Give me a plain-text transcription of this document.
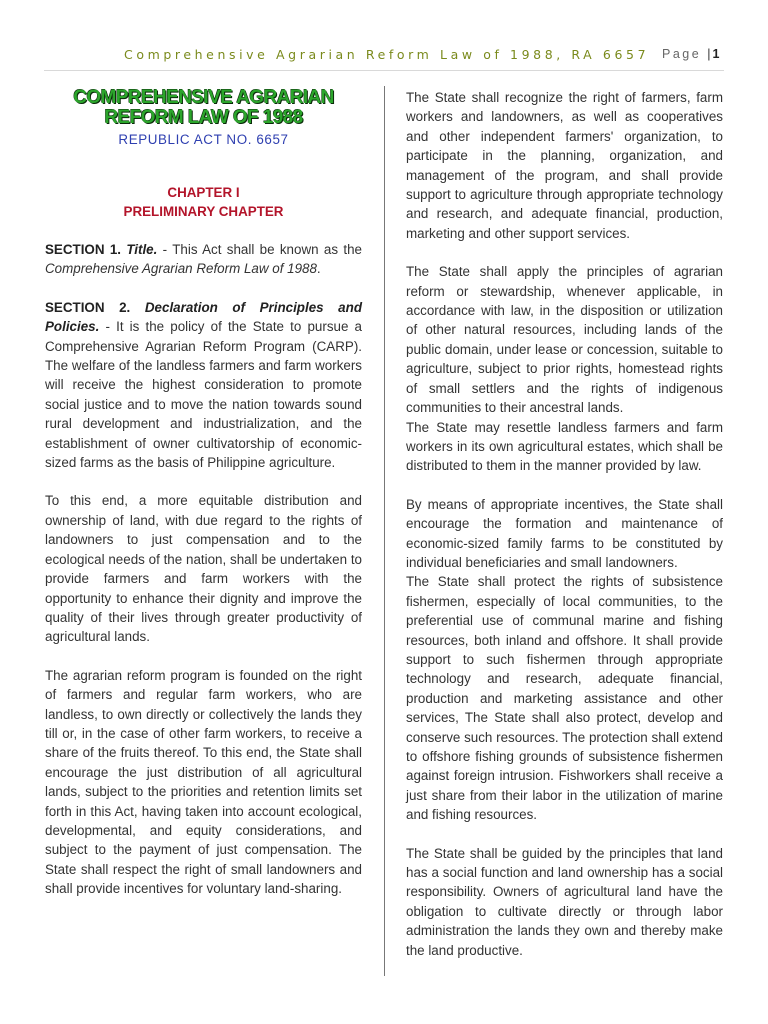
Comprehensive Agrarian Reform Law of 1988, RA 6657 Page | 1
COMPREHENSIVE AGRARIAN
REFORM LAW OF 1988
REPUBLIC ACT NO. 6657
CHAPTER I
PRELIMINARY CHAPTER

SECTION 1. Title. - This Act shall be known as the Comprehensive Agrarian Reform Law of 1988.

SECTION 2. Declaration of Principles and Policies. - It is the policy of the State to pursue a Comprehensive Agrarian Reform Program (CARP). The welfare of the landless farmers and farm workers will receive the highest consideration to promote social justice and to move the nation towards sound rural development and industrialization, and the establishment of owner cultivatorship of economic-sized farms as the basis of Philippine agriculture.

To this end, a more equitable distribution and ownership of land, with due regard to the rights of landowners to just compensation and to the ecological needs of the nation, shall be undertaken to provide farmers and farm workers with the opportunity to enhance their dignity and improve the quality of their lives through greater productivity of agricultural lands.

The agrarian reform program is founded on the right of farmers and regular farm workers, who are landless, to own directly or collectively the lands they till or, in the case of other farm workers, to receive a share of the fruits thereof. To this end, the State shall encourage the just distribution of all agricultural lands, subject to the priorities and retention limits set forth in this Act, having taken into account ecological, developmental, and equity considerations, and subject to the payment of just compensation. The State shall respect the right of small landowners and shall provide incentives for voluntary land-sharing.

The State shall recognize the right of farmers, farm workers and landowners, as well as cooperatives and other independent farmers' organization, to participate in the planning, organization, and management of the program, and shall provide support to agriculture through appropriate technology and research, and adequate financial, production, marketing and other support services.

The State shall apply the principles of agrarian reform or stewardship, whenever applicable, in accordance with law, in the disposition or utilization of other natural resources, including lands of the public domain, under lease or concession, suitable to agriculture, subject to prior rights, homestead rights of small settlers and the rights of indigenous communities to their ancestral lands.

The State may resettle landless farmers and farm workers in its own agricultural estates, which shall be distributed to them in the manner provided by law.

By means of appropriate incentives, the State shall encourage the formation and maintenance of economic-sized family farms to be constituted by individual beneficiaries and small landowners.

The State shall protect the rights of subsistence fishermen, especially of local communities, to the preferential use of communal marine and fishing resources, both inland and offshore. It shall provide support to such fishermen through appropriate technology and research, adequate financial, production and marketing assistance and other services, The State shall also protect, develop and conserve such resources. The protection shall extend to offshore fishing grounds of subsistence fishermen against foreign intrusion. Fishworkers shall receive a just share from their labor in the utilization of marine and fishing resources.

The State shall be guided by the principles that land has a social function and land ownership has a social responsibility. Owners of agricultural land have the obligation to cultivate directly or through labor administration the lands they own and thereby make the land productive.
